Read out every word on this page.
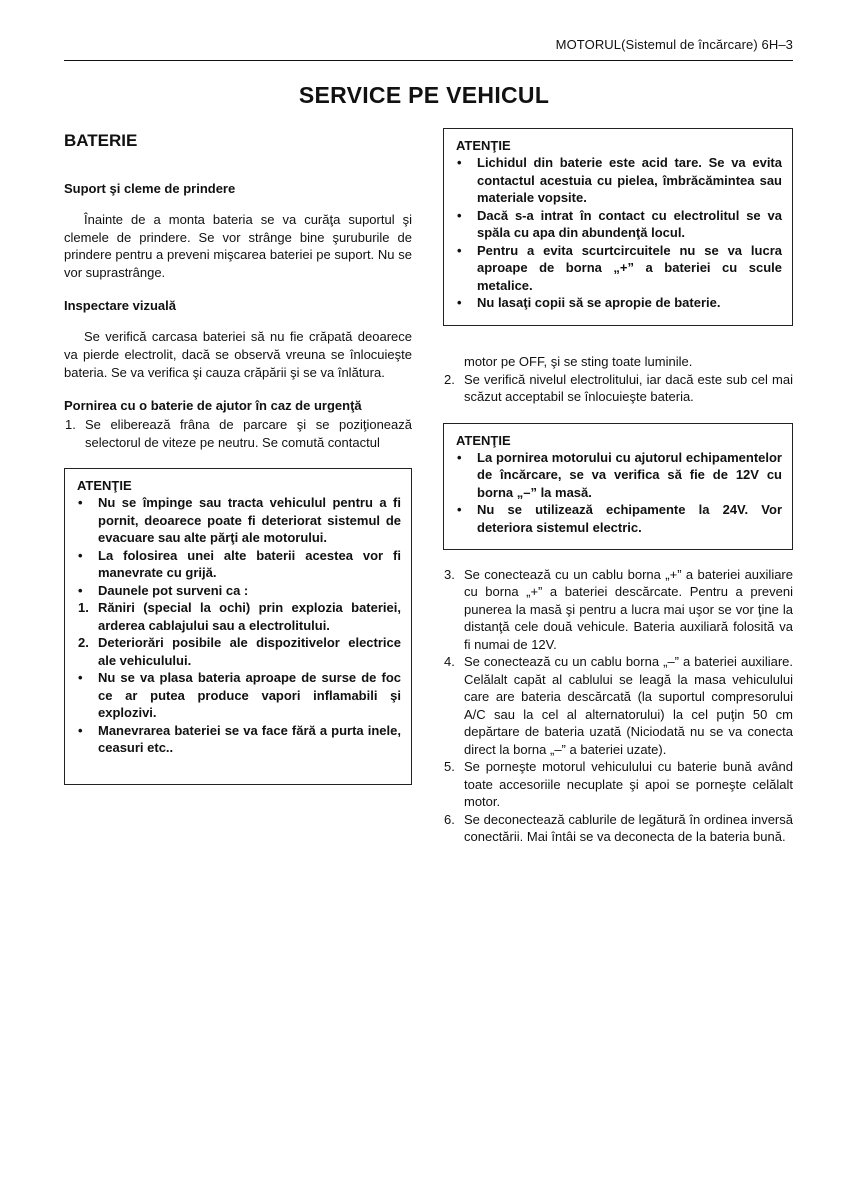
MOTORUL(Sistemul de încărcare) 6H–3
SERVICE PE VEHICUL
BATERIE
Suport şi cleme de prindere

Înainte de a monta bateria se va curăţa suportul şi clemele de prindere. Se vor strânge bine şuruburile de prindere pentru a preveni mişcarea bateriei pe suport. Nu se vor suprastrânge.

Inspectare vizuală

Se verifică carcasa bateriei să nu fie crăpată deoarece va pierde electrolit, dacă se observă vreuna se înlocuieşte bateria. Se va verifica şi cauza crăpării şi se va înlătura.

Pornirea cu o baterie de ajutor în caz de urgenţă
1. Se eliberează frâna de parcare şi se poziţionează selectorul de viteze pe neutru. Se comută contactul
ATENŢIE
• Nu se împinge sau tracta vehiculul pentru a fi pornit, deoarece poate fi deteriorat sistemul de evacuare sau alte părţi ale motorului.
• La folosirea unei alte baterii acestea vor fi manevrate cu grijă.
• Daunele pot surveni ca :
1. Răniri (special la ochi) prin explozia bateriei, arderea cablajului sau a electrolitului.
2. Deteriorări posibile ale dispozitivelor electrice ale vehiculului.
• Nu se va plasa bateria aproape de surse de foc ce ar putea produce vapori inflamabili şi explozivi.
• Manevrarea bateriei se va face fără a purta inele, ceasuri etc..
ATENŢIE
• Lichidul din baterie este acid tare. Se va evita contactul acestuia cu pielea, îmbrăcămintea sau materiale vopsite.
• Dacă s-a intrat în contact cu electrolitul se va spăla cu apa din abundenţă locul.
• Pentru a evita scurtcircuitele nu se va lucra aproape de borna „+” a bateriei cu scule metalice.
• Nu lasaţi copii să se apropie de baterie.
motor pe OFF, şi se sting toate luminile.
2. Se verifică nivelul electrolitului, iar dacă este sub cel mai scăzut acceptabil se înlocuieşte bateria.
ATENŢIE
• La pornirea motorului cu ajutorul echipamentelor de încărcare, se va verifica să fie de 12V cu borna „–” la masă.
• Nu se utilizează echipamente la 24V. Vor deteriora sistemul electric.
3. Se conectează cu un cablu borna „+” a bateriei auxiliare cu borna „+” a bateriei descărcate. Pentru a preveni punerea la masă şi pentru a lucra mai uşor se vor ţine la distanţă cele două vehicule. Bateria auxiliară folosită va fi numai de 12V.
4. Se conectează cu un cablu borna „–” a bateriei auxiliare. Celălalt capăt al cablului se leagă la masa vehiculului care are bateria descărcată (la suportul compresorului A/C sau la cel al alternatorului) la cel puţin 50 cm depărtare de bateria uzată (Niciodată nu se va conecta direct la borna „–” a bateriei uzate).
5. Se porneşte motorul vehiculului cu baterie bună având toate accesoriile necuplate şi apoi se porneşte celălalt motor.
6. Se deconectează cablurile de legătură în ordinea inversă conectării. Mai întâi se va deconecta de la bateria bună.
